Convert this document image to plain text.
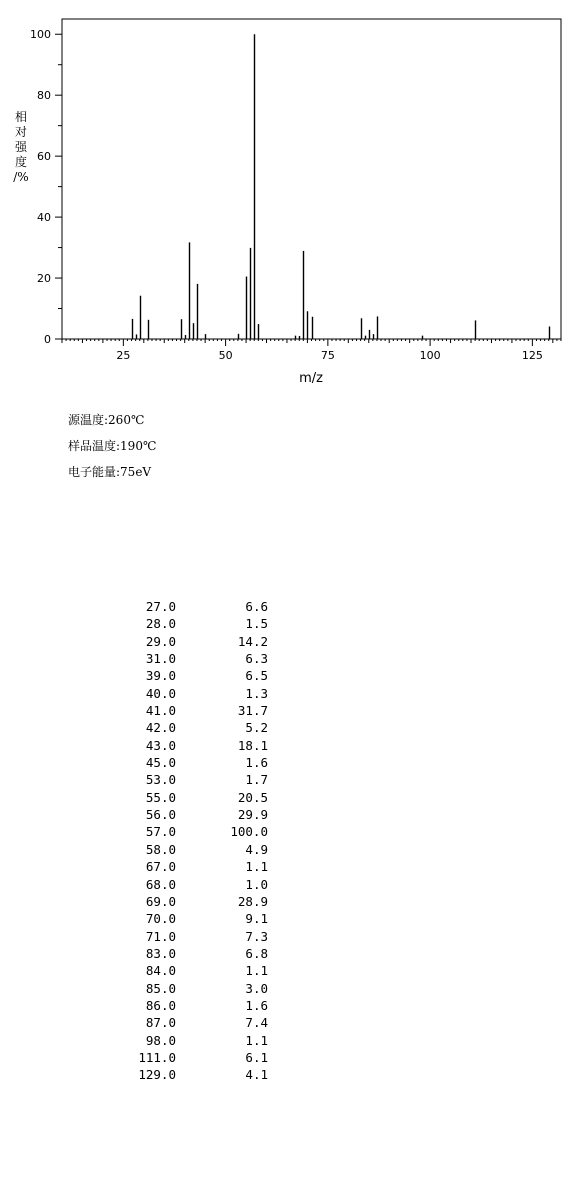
0
20
40
60
80
100
25	50	75	100	125
m/z
相
对
强
度
/%
源温度:260℃
样品温度:190℃
电子能量:75eV
27.0	6.6
28.0	1.5
29.0	14.2
31.0	6.3
39.0	6.5
40.0	1.3
41.0	31.7
42.0	5.2
43.0	18.1
45.0	1.6
53.0	1.7
55.0	20.5
56.0	29.9
57.0	100.0
58.0	4.9
67.0	1.1
68.0	1.0
69.0	28.9
70.0	9.1
71.0	7.3
83.0	6.8
84.0	1.1
85.0	3.0
86.0	1.6
87.0	7.4
98.0	1.1
111.0	6.1
129.0	4.1
